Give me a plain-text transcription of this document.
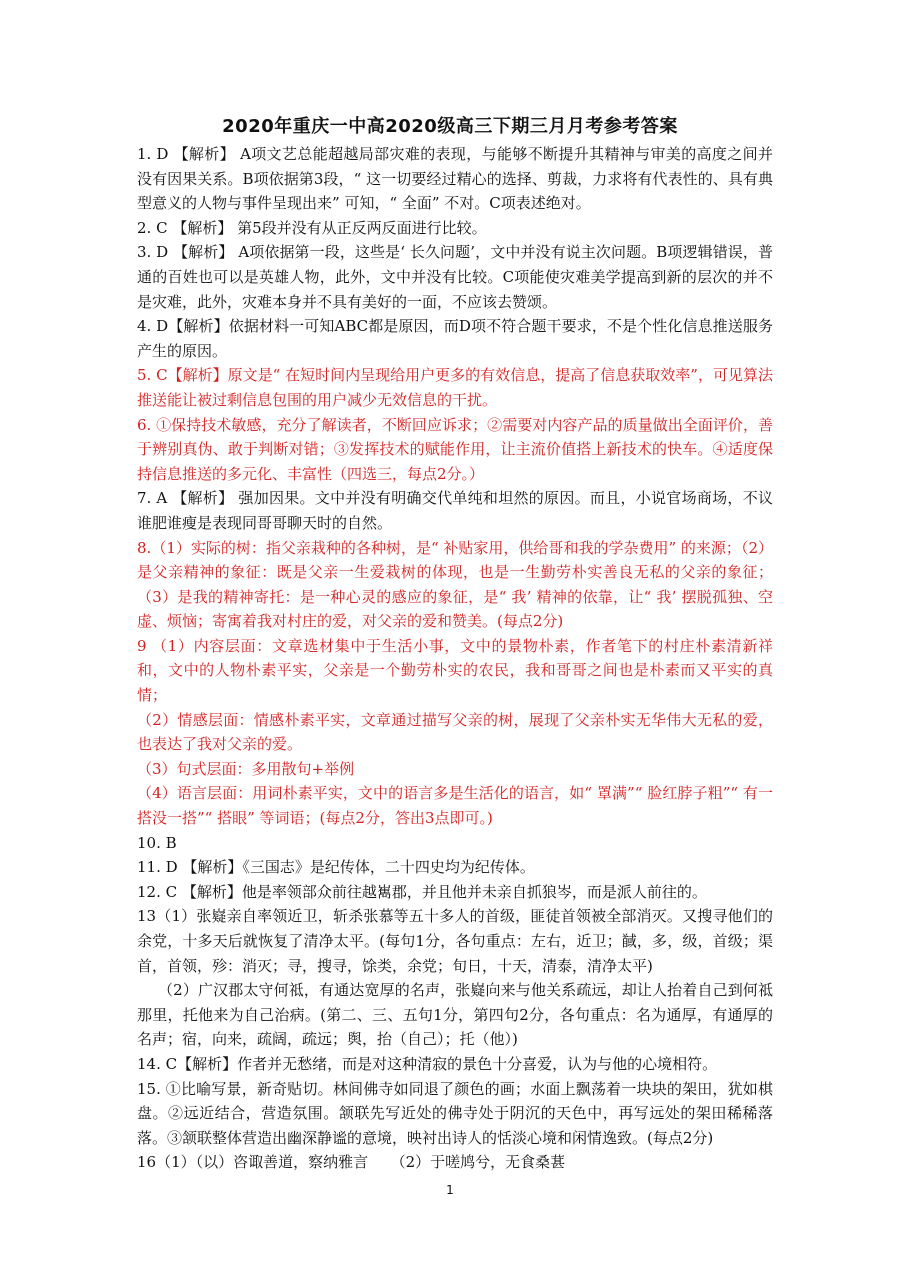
2020年重庆一中高2020级高三下期三月月考参考答案

1. D 【解析】 A项文艺总能超越局部灾难的表现，与能够不断提升其精神与审美的高度之间并没有因果关系。B项依据第3段，“ 这一切要经过精心的选择、剪裁，力求将有代表性的、具有典型意义的人物与事件呈现出来” 可知，“ 全面” 不对。C项表述绝对。

2. C 【解析】 第5段并没有从正反两反面进行比较。

3. D 【解析】 A项依据第一段，这些是‘ 长久问题’，文中并没有说主次问题。B项逻辑错误，普通的百姓也可以是英雄人物，此外，文中并没有比较。C项能使灾难美学提高到新的层次的并不是灾难，此外，灾难本身并不具有美好的一面，不应该去赞颂。

4. D【解析】依据材料一可知ABC都是原因，而D项不符合题干要求，不是个性化信息推送服务产生的原因。

5. C【解析】原文是“ 在短时间内呈现给用户更多的有效信息，提高了信息获取效率”，可见算法推送能让被过剩信息包围的用户减少无效信息的干扰。

6. ①保持技术敏感，充分了解读者，不断回应诉求；②需要对内容产品的质量做出全面评价，善于辨别真伪、敢于判断对错；③发挥技术的赋能作用，让主流价值搭上新技术的快车。④适度保持信息推送的多元化、丰富性（四选三，每点2分。）

7. A 【解析】 强加因果。文中并没有明确交代单纯和坦然的原因。而且，小说官场商场，不议谁肥谁瘦是表现同哥哥聊天时的自然。

8.（1）实际的树：指父亲栽种的各种树，是“ 补贴家用，供给哥和我的学杂费用” 的来源；（2）是父亲精神的象征：既是父亲一生爱栽树的体现，也是一生勤劳朴实善良无私的父亲的象征；（3）是我的精神寄托：是一种心灵的感应的象征，是“ 我’ 精神的依靠，让“ 我’ 摆脱孤独、空虚、烦恼；寄寓着我对村庄的爱，对父亲的爱和赞美。(每点2分)

9 （1）内容层面：文章选材集中于生活小事，文中的景物朴素，作者笔下的村庄朴素清新祥和，文中的人物朴素平实，父亲是一个勤劳朴实的农民，我和哥哥之间也是朴素而又平实的真情；

（2）情感层面：情感朴素平实，文章通过描写父亲的树，展现了父亲朴实无华伟大无私的爱，也表达了我对父亲的爱。

（3）句式层面：多用散句+举例

（4）语言层面：用词朴素平实，文中的语言多是生活化的语言，如“ 罩满”“ 脸红脖子粗”“ 有一搭没一搭”“ 搭眼” 等词语；(每点2分，答出3点即可。)

10. B

11. D 【解析】《三国志》是纪传体，二十四史均为纪传体。

12. C 【解析】他是率领部众前往越嶲郡，并且他并未亲自抓狼岑，而是派人前往的。

13（1）张嶷亲自率领近卫，斩杀张慕等五十多人的首级，匪徒首领被全部消灭。又搜寻他们的余党，十多天后就恢复了清净太平。(每句1分，各句重点：左右，近卫；馘，多，级，首级；渠首，首领，殄：消灭；寻，搜寻，馀类，余党；旬日，十天，清泰，清净太平)

（2）广汉郡太守何祗，有通达宽厚的名声，张嶷向来与他关系疏远，却让人抬着自己到何祗那里，托他来为自己治病。(第二、三、五句1分，第四句2分，各句重点：名为通厚，有通厚的名声；宿，向来，疏阔，疏远；舆，抬（自己）；托（他）)

14. C【解析】作者并无愁绪，而是对这种清寂的景色十分喜爱，认为与他的心境相符。

15. ①比喻写景，新奇贴切。林间佛寺如同退了颜色的画；水面上飘荡着一块块的架田，犹如棋盘。②远近结合，营造氛围。颔联先写近处的佛寺处于阴沉的天色中，再写远处的架田稀稀落落。③颔联整体营造出幽深静谧的意境，映衬出诗人的恬淡心境和闲情逸致。(每点2分)

16（1）（以）咨诹善道，察纳雅言　　（2）于嗟鸠兮，无食桑葚

1
